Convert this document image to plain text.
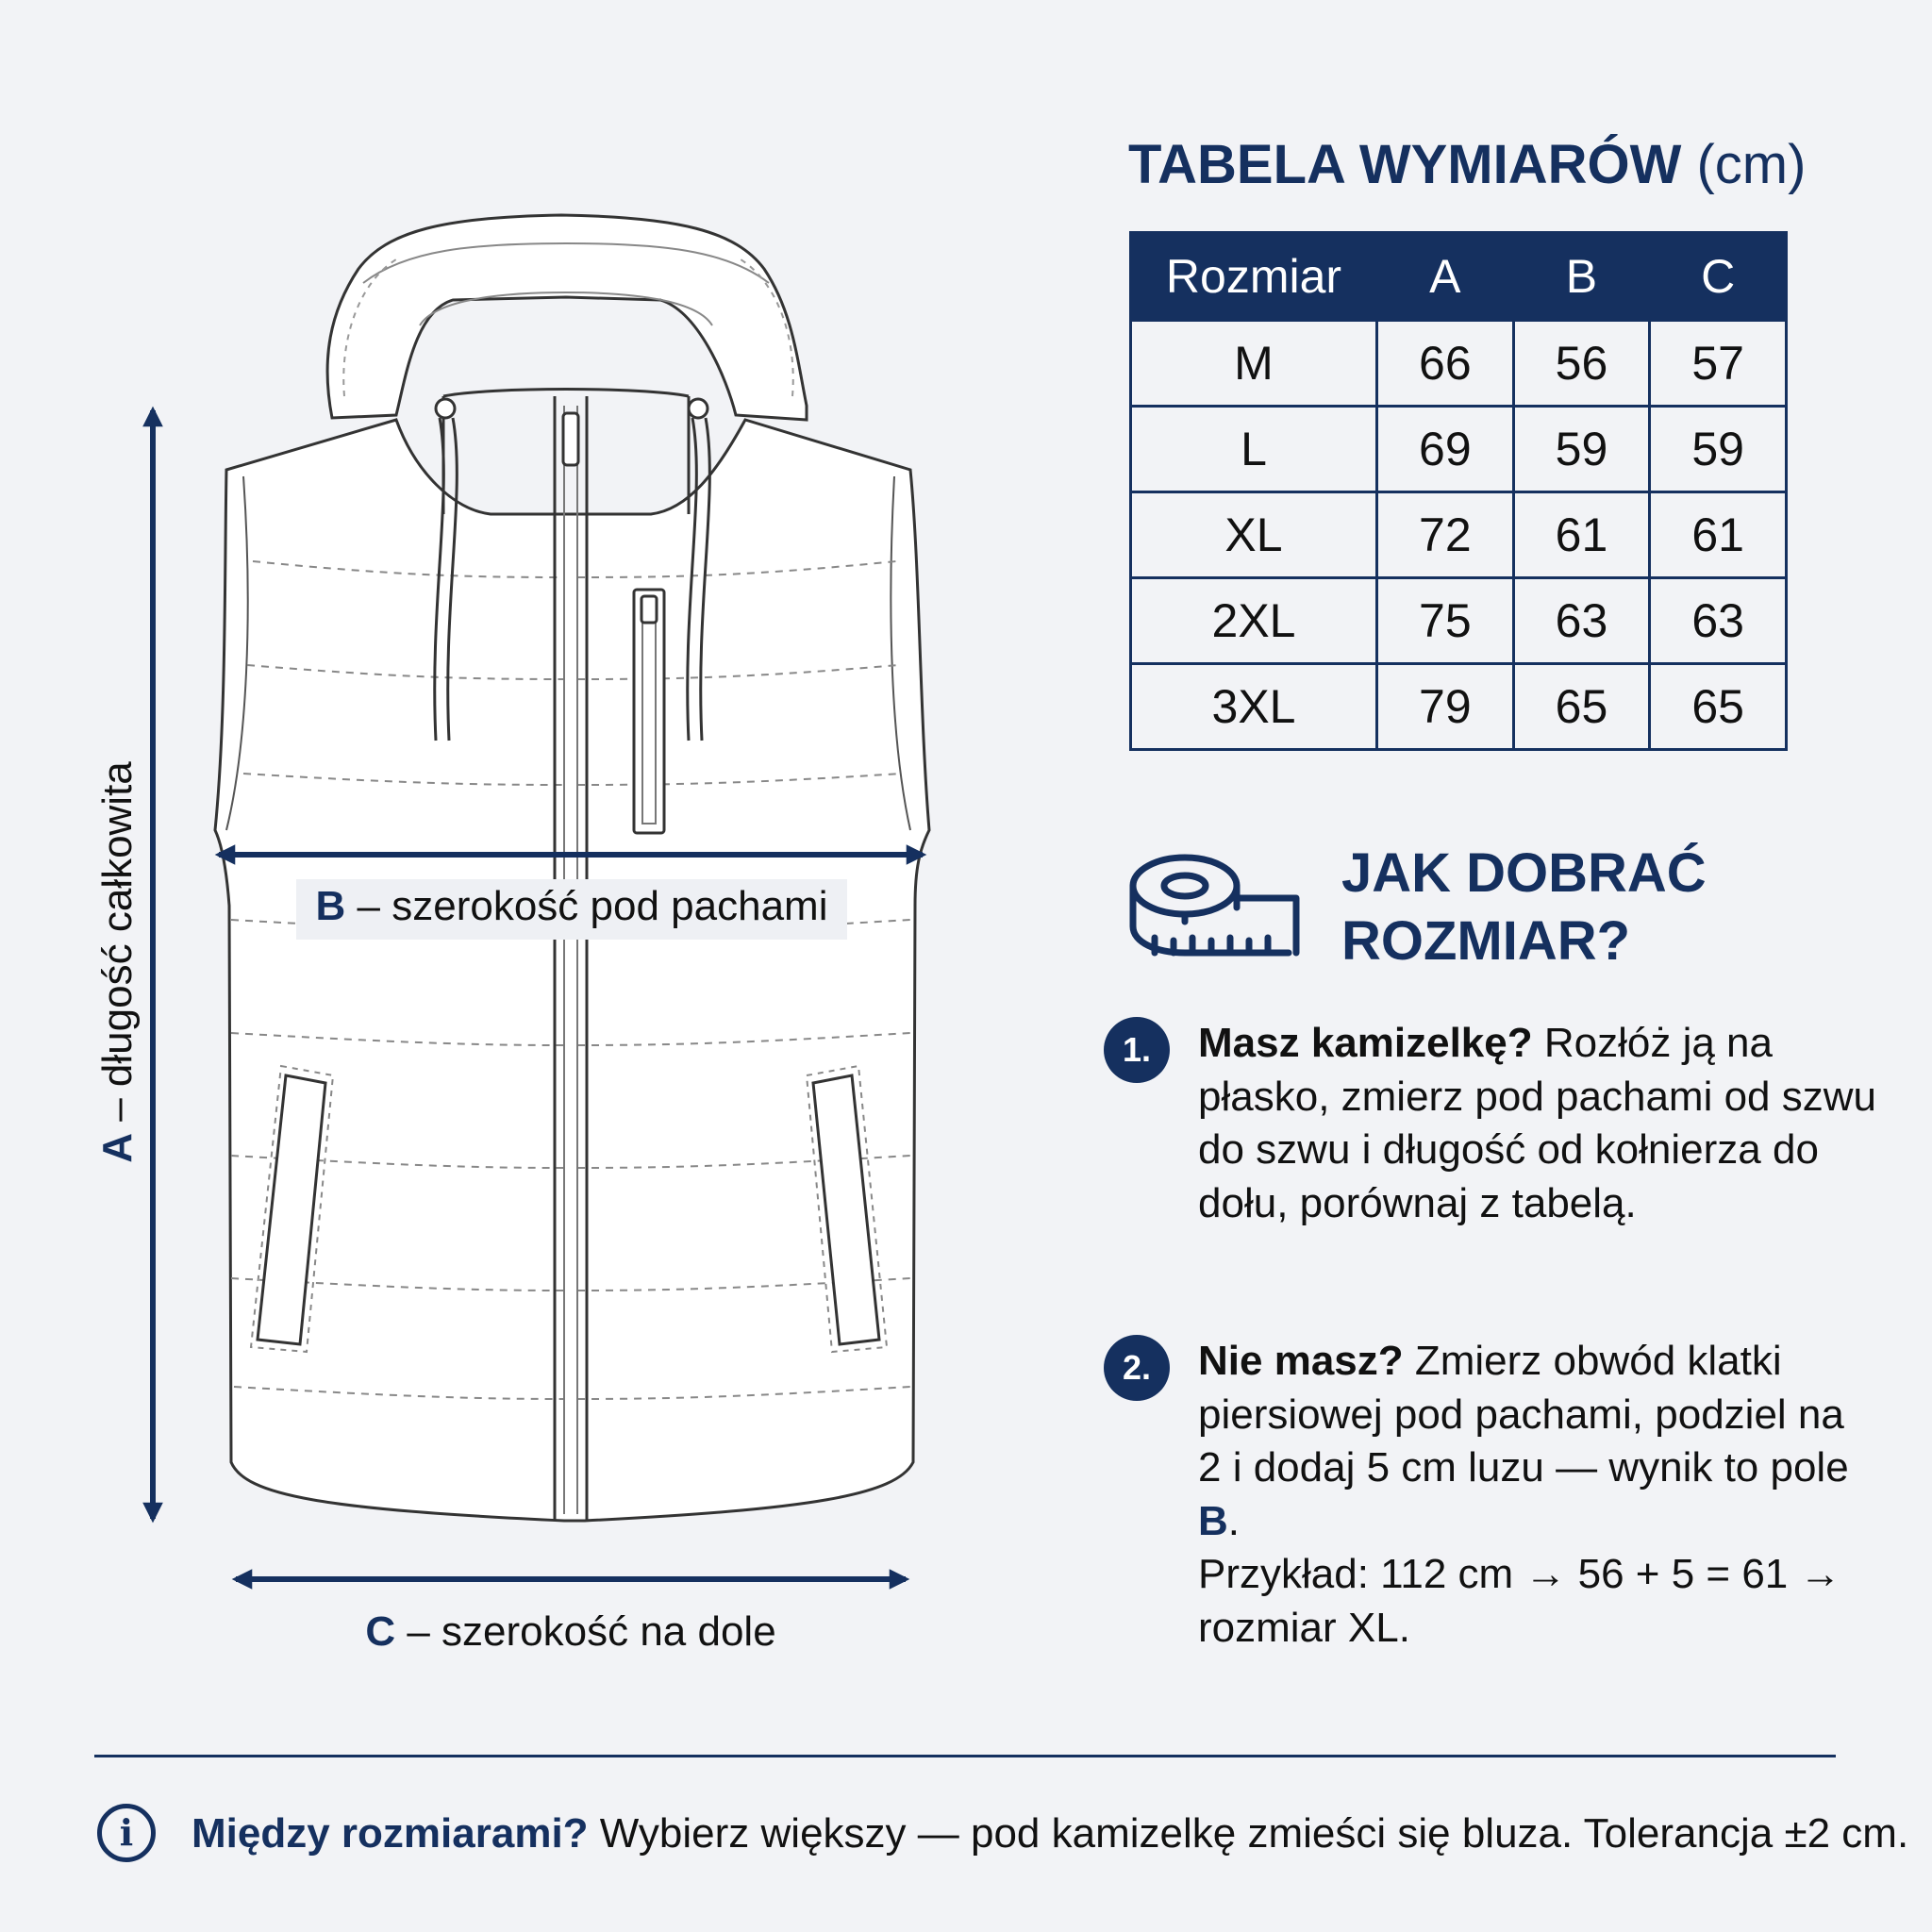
A – długość całkowita	B – szerokość pod pachami
C – szerokość na dole
TABELA WYMIARÓW (cm)
Rozmiar	A	B	C
M	66	56	57
L	69	59	59
XL	72	61	61
2XL	75	63	63
3XL	79	65	65
JAK DOBRAĆ
ROZMIAR?
1.	Masz kamizelkę? Rozłóż ją na płasko, zmierz pod pachami od szwu do szwu i długość od kołnierza do dołu, porównaj z tabelą.
2.	Nie masz? Zmierz obwód klatki piersiowej pod pachami, podziel na 2 i dodaj 5 cm luzu — wynik to pole B.
Przykład: 112 cm → 56 + 5 = 61 → rozmiar XL.
i	Między rozmiarami? Wybierz większy — pod kamizelkę zmieści się bluza. Tolerancja ±2 cm.
